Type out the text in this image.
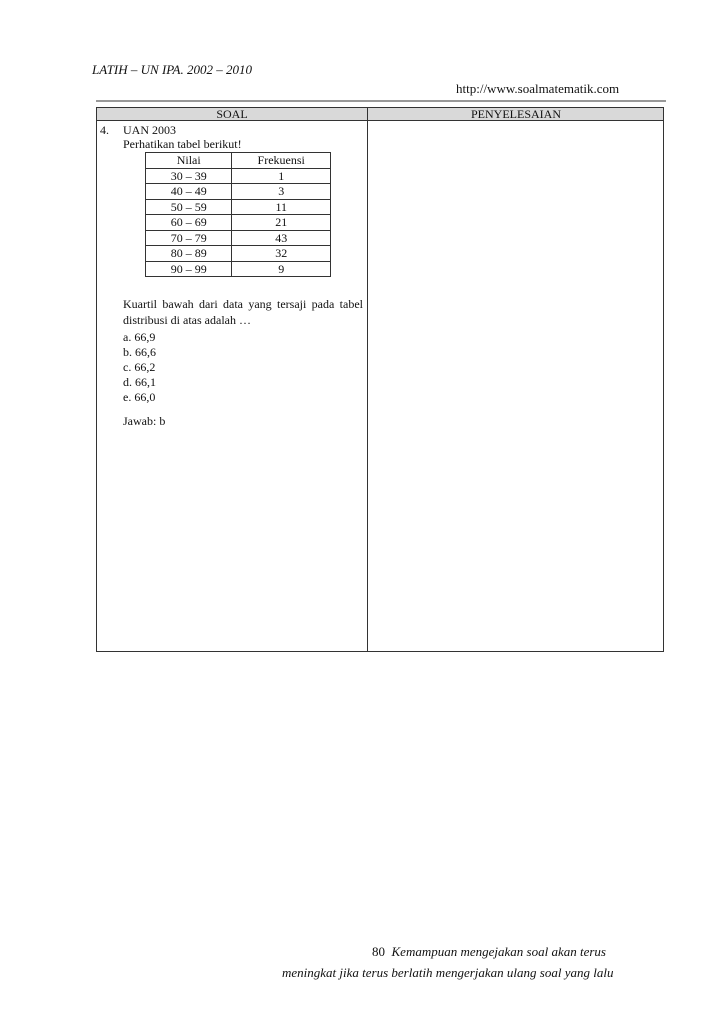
LATIH – UN IPA. 2002 – 2010
http://www.soalmatematik.com
SOAL	PENYELESAIAN
4. UAN 2003
Perhatikan tabel berikut!
Nilai	Frekuensi
30 – 39	1
40 – 49	3
50 – 59	11
60 – 69	21
70 – 79	43
80 – 89	32
90 – 99	9
Kuartil bawah dari data yang tersaji pada tabel distribusi di atas adalah …
a. 66,9
b. 66,6
c. 66,2
d. 66,1
e. 66,0
Jawab: b
80 Kemampuan mengejakan soal akan terus
meningkat jika terus berlatih mengerjakan ulang soal yang lalu
